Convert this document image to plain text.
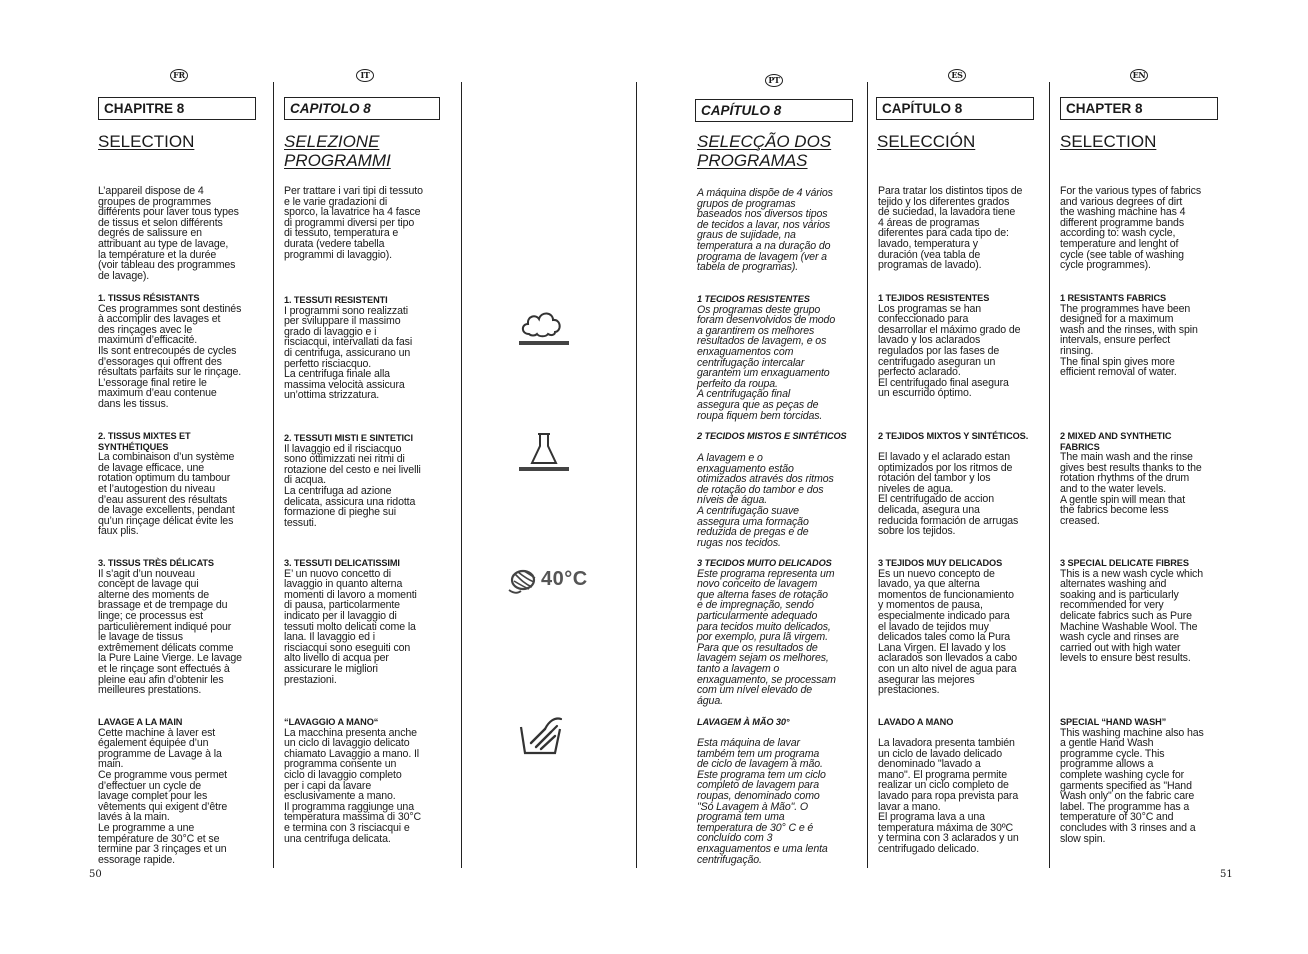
FR
CHAPITRE 8
SELECTION
L’appareil dispose de 4
groupes de programmes
différents pour laver tous types
de tissus et selon différents
degrés de salissure en
attribuant au type de lavage,
la température et la durée
(voir tableau des programmes
de lavage).
1. TISSUS RÉSISTANTS
Ces programmes sont destinés
à accomplir des lavages et
des rinçages avec le
maximum d’efficacité.
Ils sont entrecoupés de cycles
d’essorages qui offrent des
résultats parfaits sur le rinçage.
L’essorage final retire le
maximum d’eau contenue
dans les tissus.
2. TISSUS MIXTES ET
SYNTHÉTIQUES
La combinaison d’un système
de lavage efficace, une
rotation optimum du tambour
et l’autogestion du niveau
d’eau assurent des résultats
de lavage excellents, pendant
qu’un rinçage délicat évite les
faux plis.
3. TISSUS TRÈS DÉLICATS
Il s’agit d’un nouveau
concept de lavage qui
alterne des moments de
brassage et de trempage du
linge; ce processus est
particulièrement indiqué pour
le lavage de tissus
extrêmement délicats comme
la Pure Laine Vierge. Le lavage
et le rinçage sont effectués à
pleine eau afin d’obtenir les
meilleures prestations.
LAVAGE A LA MAIN
Cette machine à laver est
également équipée d’un
programme de Lavage à la
main.
Ce programme vous permet
d’effectuer un cycle de
lavage complet pour les
vêtements qui exigent d’être
lavés à la main.
Le programme a une
température de 30°C et se
termine par 3 rinçages et un
essorage rapide.
IT
CAPITOLO 8
SELEZIONE
PROGRAMMI
Per trattare i vari tipi di tessuto
e le varie gradazioni di
sporco, la lavatrice ha 4 fasce
di programmi diversi per tipo
di tessuto, temperatura e
durata (vedere tabella
programmi di lavaggio).
1. TESSUTI RESISTENTI
I programmi sono realizzati
per sviluppare il massimo
grado di lavaggio e i
risciacqui, intervallati da fasi
di centrifuga, assicurano un
perfetto risciacquo.
La centrifuga finale alla
massima velocità assicura
un’ottima strizzatura.
2. TESSUTI MISTI E SINTETICI
Il lavaggio ed il risciacquo
sono ottimizzati nei ritmi di
rotazione del cesto e nei livelli
di acqua.
La centrifuga ad azione
delicata, assicura una ridotta
formazione di pieghe sui
tessuti.
3. TESSUTI DELICATISSIMI
E’ un nuovo concetto di
lavaggio in quanto alterna
momenti di lavoro a momenti
di pausa, particolarmente
indicato per il lavaggio di
tessuti molto delicati come la
lana. Il lavaggio ed i
risciacqui sono eseguiti con
alto livello di acqua per
assicurare le migliori
prestazioni.
“LAVAGGIO A MANO“
La macchina presenta anche
un ciclo di lavaggio delicato
chiamato Lavaggio a mano. Il
programma consente un
ciclo di lavaggio completo
per i capi da lavare
esclusivamente a mano.
Il programma raggiunge una
temperatura massima di 30°C
e termina con 3 risciacqui e
una centrifuga delicata.
40°C
PT
CAPÍTULO 8
SELECÇÃO DOS
PROGRAMAS
A máquina dispõe de 4 vários
grupos de programas
baseados nos diversos tipos
de tecidos a lavar, nos vários
graus de sujidade, na
temperatura a na duração do
programa de lavagem (ver a
tabela de programas).
1 TECIDOS RESISTENTES
Os programas deste grupo
foram desenvolvidos de modo
a garantirem os melhores
resultados de lavagem, e os
enxaguamentos com
centrifugação intercalar
garantem um enxaguamento
perfeito da roupa.
A centrifugação final
assegura que as peças de
roupa fiquem bem torcidas.
2 TECIDOS MISTOS E SINTÉTICOS
A lavagem e o
enxaguamento estão
otimizados através dos ritmos
de rotação do tambor e dos
níveis de água.
A centrifugação suave
assegura uma formação
reduzida de pregas e de
rugas nos tecidos.
3 TECIDOS MUITO DELICADOS
Este programa representa um
novo conceito de lavagem
que alterna fases de rotação
e de impregnação, sendo
particularmente adequado
para tecidos muito delicados,
por exemplo, pura lã virgem.
Para que os resultados de
lavagem sejam os melhores,
tanto a lavagem o
enxaguamento, se processam
com um nível elevado de
água.
LAVAGEM À MÃO 30°
Esta máquina de lavar
também tem um programa
de ciclo de lavagem à mão.
Este programa tem um ciclo
completo de lavagem para
roupas, denominado como
"Só Lavagem à Mão". O
programa tem uma
temperatura de 30° C e é
concluído com 3
enxaguamentos e uma lenta
centrifugação.
ES
CAPÍTULO 8
SELECCIÓN
Para tratar los distintos tipos de
tejido y los diferentes grados
de suciedad, la lavadora tiene
4 áreas de programas
diferentes para cada tipo de:
lavado, temperatura y
duración (vea tabla de
programas de lavado).
1 TEJIDOS RESISTENTES
Los programas se han
confeccionado para
desarrollar el máximo grado de
lavado y los aclarados
regulados por las fases de
centrifugado aseguran un
perfecto aclarado.
El centrifugado final asegura
un escurrido óptimo.
2 TEJIDOS MIXTOS Y SINTÉTICOS.
El lavado y el aclarado estan
optimizados por los ritmos de
rotación del tambor y los
niveles de agua.
El centrifugado de accion
delicada, asegura una
reducida formación de arrugas
sobre los tejidos.
3 TEJIDOS MUY DELICADOS
Es un nuevo concepto de
lavado, ya que alterna
momentos de funcionamiento
y momentos de pausa,
especialmente indicado para
el lavado de tejidos muy
delicados tales como la Pura
Lana Virgen. El lavado y los
aclarados son llevados a cabo
con un alto nivel de agua para
asegurar las mejores
prestaciones.
LAVADO A MANO
La lavadora presenta también
un ciclo de lavado delicado
denominado "lavado a
mano". El programa permite
realizar un ciclo completo de
lavado para ropa prevista para
lavar a mano.
El programa lava a una
temperatura máxima de 30ºC
y termina con 3 aclarados y un
centrifugado delicado.
EN
CHAPTER 8
SELECTION
For the various types of fabrics
and various degrees of dirt
the washing machine has 4
different programme bands
according to: wash cycle,
temperature and lenght of
cycle (see table of washing
cycle programmes).
1 RESISTANTS FABRICS
The programmes have been
designed for a maximum
wash and the rinses, with spin
intervals, ensure perfect
rinsing.
The final spin gives more
efficient removal of water.
2 MIXED AND SYNTHETIC
FABRICS
The main wash and the rinse
gives best results thanks to the
rotation rhythms of the drum
and to the water levels.
A gentle spin will mean that
the fabrics become less
creased.
3 SPECIAL DELICATE FIBRES
This is a new wash cycle which
alternates washing and
soaking and is particularly
recommended for very
delicate fabrics such as Pure
Machine Washable Wool. The
wash cycle and rinses are
carried out with high water
levels to ensure best results.
SPECIAL “HAND WASH”
This washing machine also has
a gentle Hand Wash
programme cycle. This
programme allows a
complete washing cycle for
garments specified as "Hand
Wash only" on the fabric care
label. The programme has a
temperature of 30°C and
concludes with 3 rinses and a
slow spin.
50	51
